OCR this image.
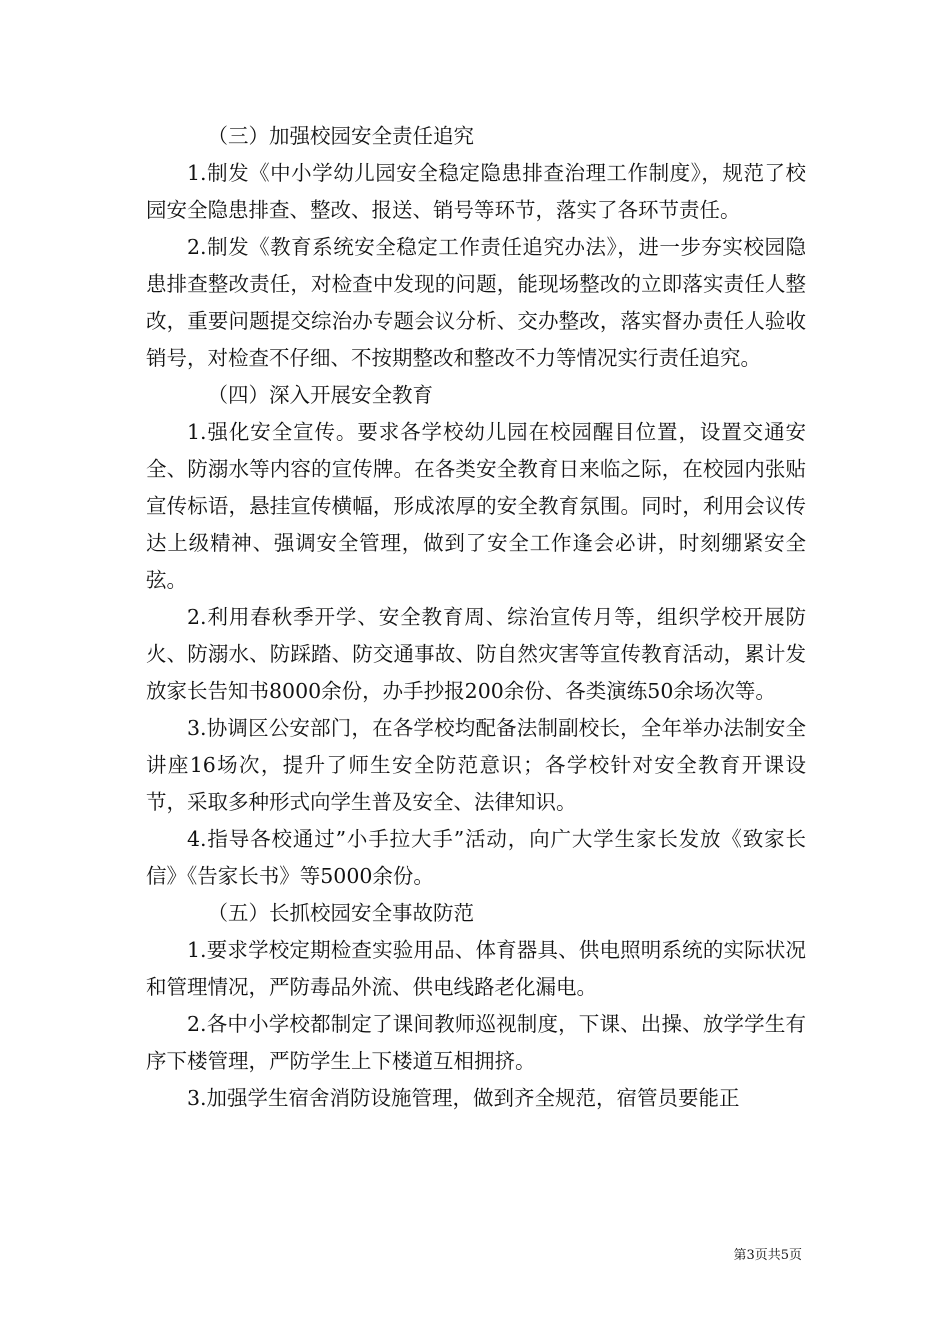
（三）加强校园安全责任追究

1.制发《中小学幼儿园安全稳定隐患排查治理工作制度》，规范了校园安全隐患排查、整改、报送、销号等环节，落实了各环节责任。

2.制发《教育系统安全稳定工作责任追究办法》，进一步夯实校园隐患排查整改责任，对检查中发现的问题，能现场整改的立即落实责任人整改，重要问题提交综治办专题会议分析、交办整改，落实督办责任人验收销号，对检查不仔细、不按期整改和整改不力等情况实行责任追究。

（四）深入开展安全教育

1.强化安全宣传。要求各学校幼儿园在校园醒目位置，设置交通安全、防溺水等内容的宣传牌。在各类安全教育日来临之际，在校园内张贴宣传标语，悬挂宣传横幅，形成浓厚的安全教育氛围。同时，利用会议传达上级精神、强调安全管理，做到了安全工作逢会必讲，时刻绷紧安全弦。

2.利用春秋季开学、安全教育周、综治宣传月等，组织学校开展防火、防溺水、防踩踏、防交通事故、防自然灾害等宣传教育活动，累计发放家长告知书8000余份，办手抄报200余份、各类演练50余场次等。

3.协调区公安部门，在各学校均配备法制副校长，全年举办法制安全讲座16场次，提升了师生安全防范意识；各学校针对安全教育开课设节，采取多种形式向学生普及安全、法律知识。

4.指导各校通过”小手拉大手”活动，向广大学生家长发放《致家长信》《告家长书》等5000余份。

（五）长抓校园安全事故防范

1.要求学校定期检查实验用品、体育器具、供电照明系统的实际状况和管理情况，严防毒品外流、供电线路老化漏电。

2.各中小学校都制定了课间教师巡视制度，下课、出操、放学学生有序下楼管理，严防学生上下楼道互相拥挤。

3.加强学生宿舍消防设施管理，做到齐全规范，宿管员要能正

第3页共5页
